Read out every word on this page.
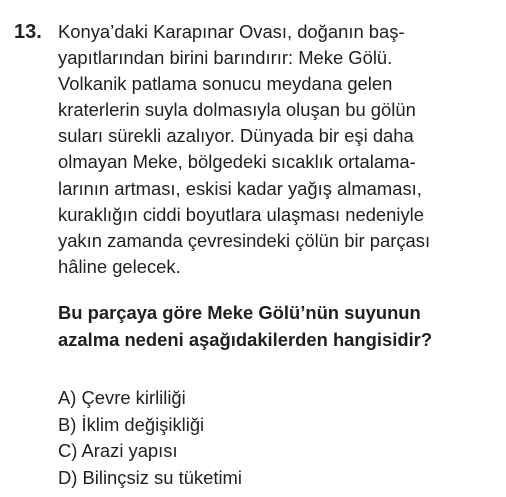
13. Konya’daki Karapınar Ovası, doğanın baş-
yapıtlarından birini barındırır: Meke Gölü.
Volkanik patlama sonucu meydana gelen
kraterlerin suyla dolmasıyla oluşan bu gölün
suları sürekli azalıyor. Dünyada bir eşi daha
olmayan Meke, bölgedeki sıcaklık ortalama-
larının artması, eskisi kadar yağış almaması,
kuraklığın ciddi boyutlara ulaşması nedeniyle
yakın zamanda çevresindeki çölün bir parçası
hâline gelecek.
Bu parçaya göre Meke Gölü’nün suyunun
azalma nedeni aşağıdakilerden hangisidir?
A) Çevre kirliliği
B) İklim değişikliği
C) Arazi yapısı
D) Bilinçsiz su tüketimi
